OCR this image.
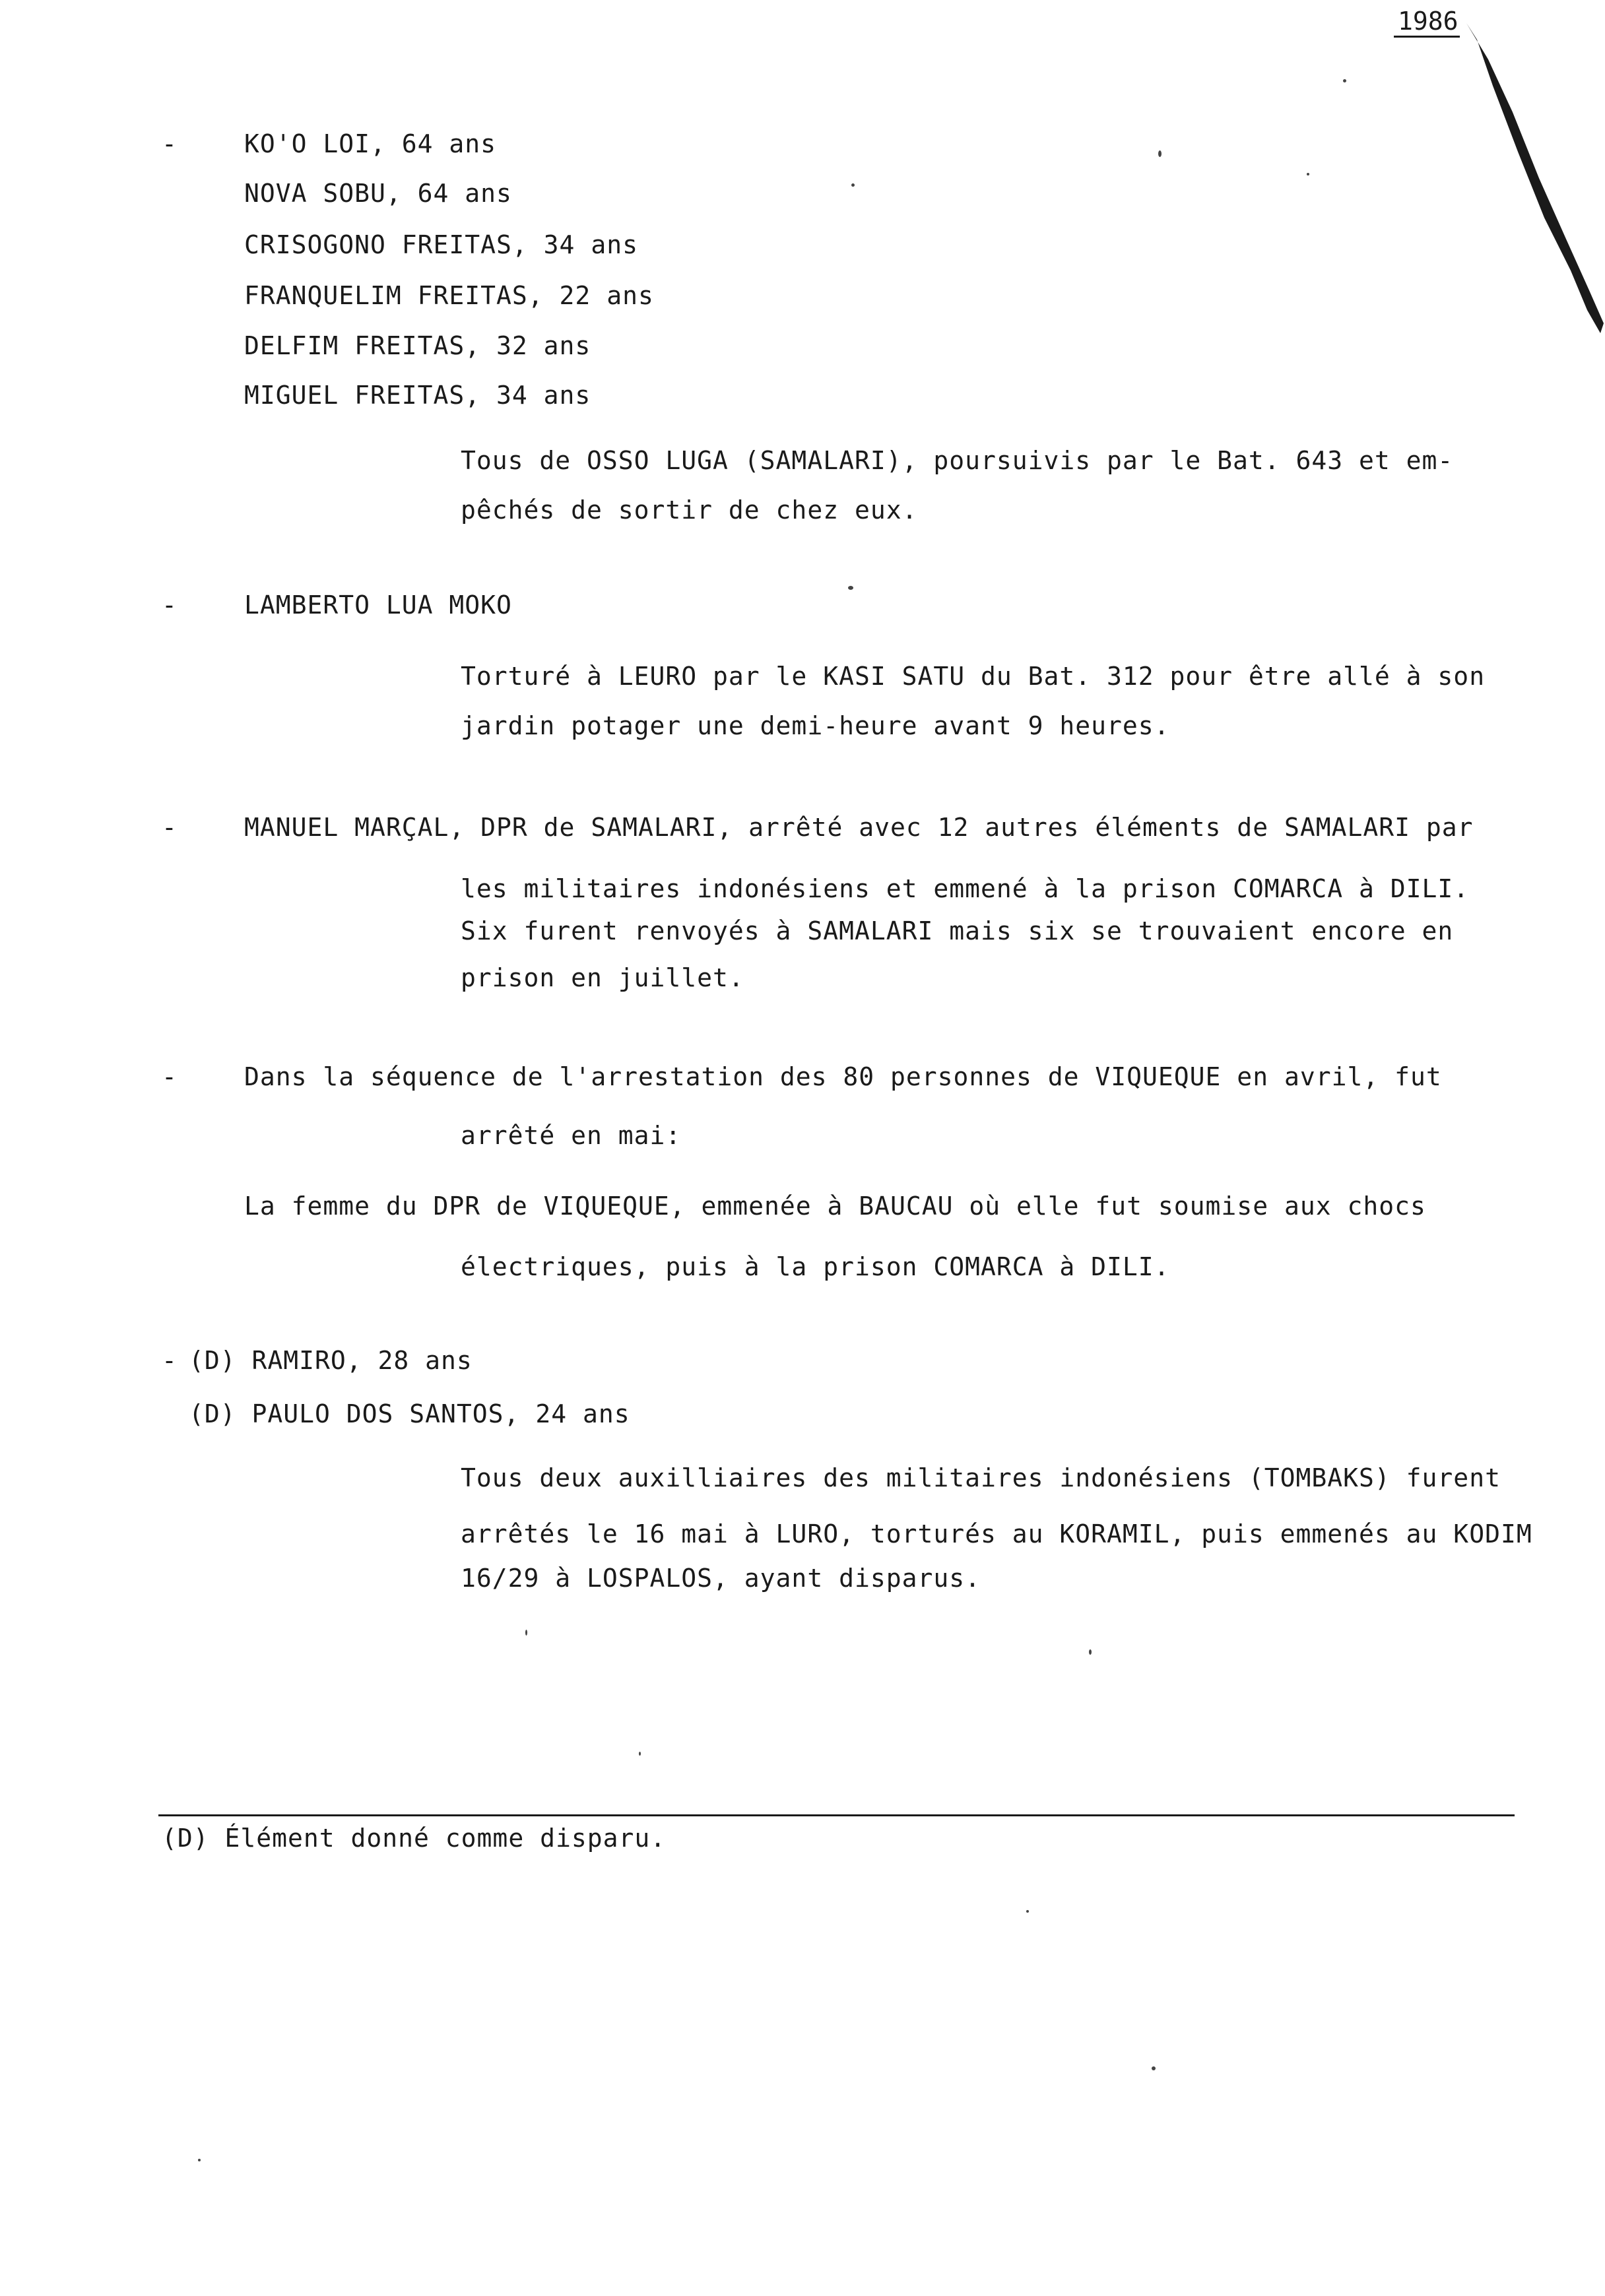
1986
-	KO'O LOI, 64 ans
NOVA SOBU, 64 ans
CRISOGONO FREITAS, 34 ans
FRANQUELIM FREITAS, 22 ans
DELFIM FREITAS, 32 ans
MIGUEL FREITAS, 34 ans
Tous de OSSO LUGA (SAMALARI), poursuivis par le Bat. 643 et em-
pêchés de sortir de chez eux.
-	LAMBERTO LUA MOKO
Torturé à LEURO par le KASI SATU du Bat. 312 pour être allé à son
jardin potager une demi-heure avant 9 heures.
-	MANUEL MARÇAL, DPR de SAMALARI, arrêté avec 12 autres éléments de SAMALARI par
les militaires indonésiens et emmené à la prison COMARCA à DILI.
Six furent renvoyés à SAMALARI mais six se trouvaient encore en
prison en juillet.
-	Dans la séquence de l'arrestation des 80 personnes de VIQUEQUE en avril, fut
arrêté en mai:
La femme du DPR de VIQUEQUE, emmenée à BAUCAU où elle fut soumise aux chocs
électriques, puis à la prison COMARCA à DILI.
- (D) RAMIRO, 28 ans
(D) PAULO DOS SANTOS, 24 ans
Tous deux auxilliaires des militaires indonésiens (TOMBAKS) furent
arrêtés le 16 mai à LURO, torturés au KORAMIL, puis emmenés au KODIM
16/29 à LOSPALOS, ayant disparus.
(D) Élément donné comme disparu.
